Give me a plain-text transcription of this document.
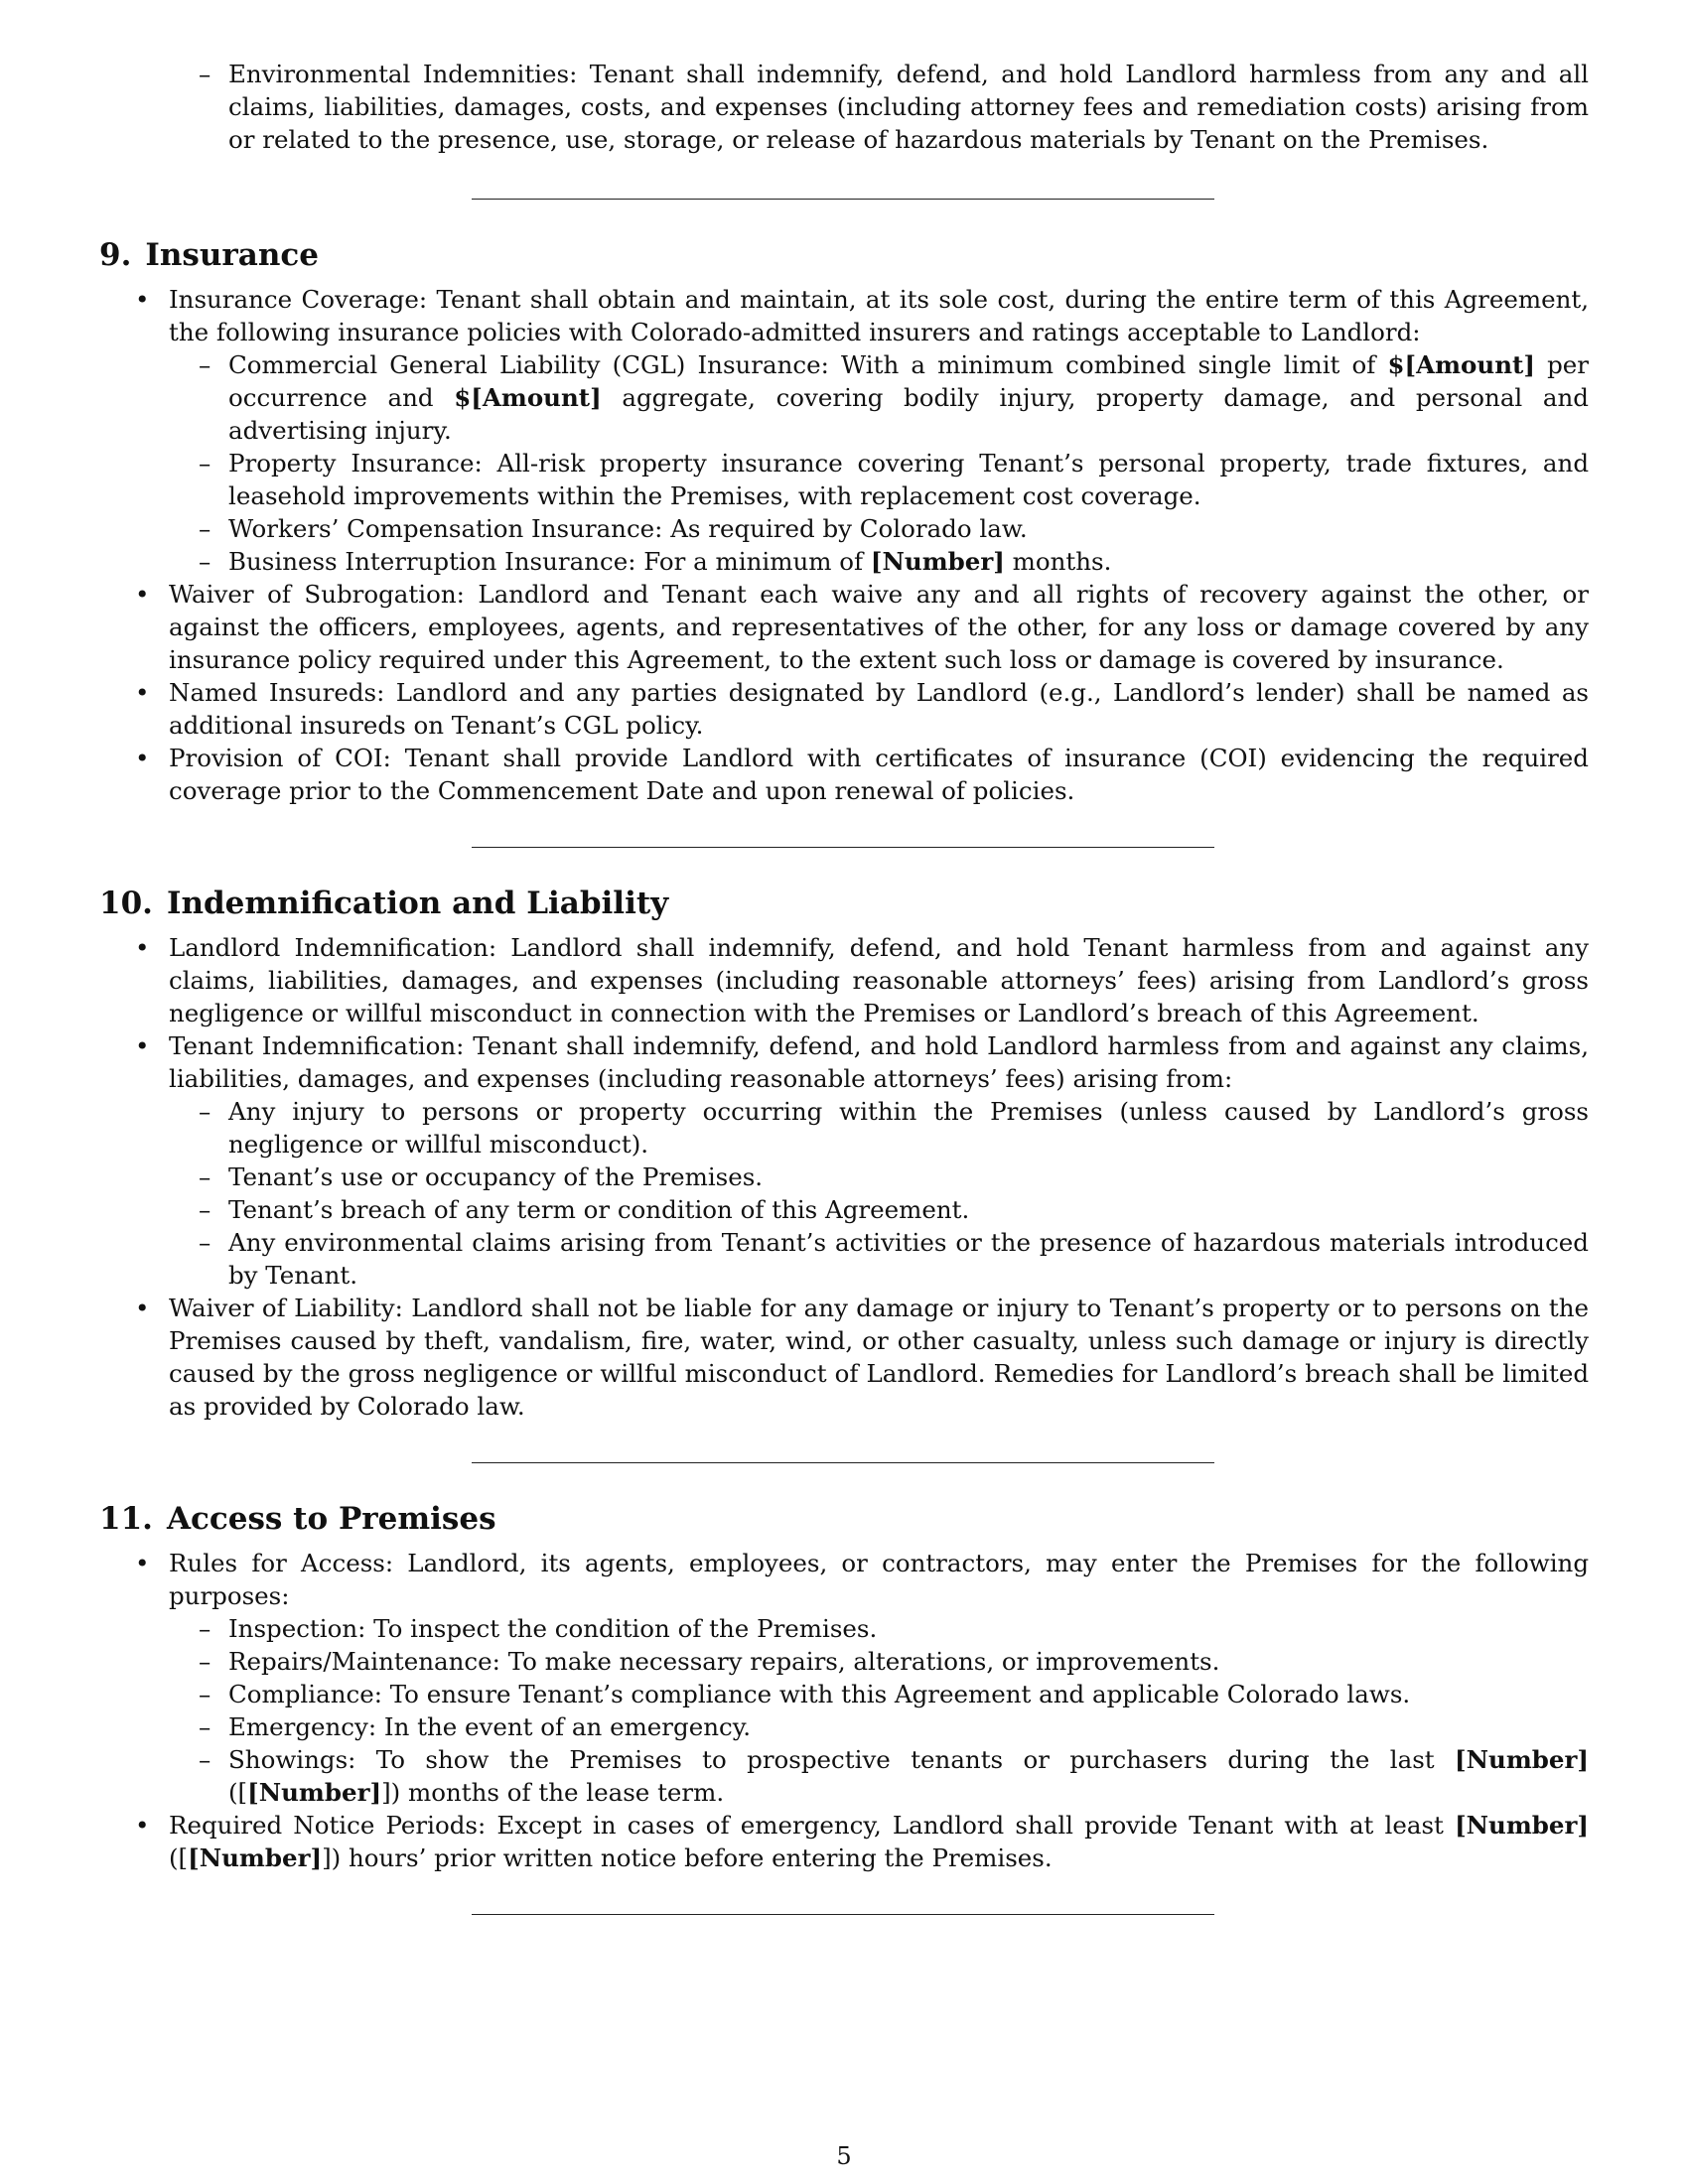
– Environmental Indemnities: Tenant shall indemnify, defend, and hold Landlord harmless from any and all claims, liabilities, damages, costs, and expenses (including attorney fees and remediation costs) arising from or related to the presence, use, storage, or release of hazardous materials by Tenant on the Premises.
9. Insurance
• Insurance Coverage: Tenant shall obtain and maintain, at its sole cost, during the entire term of this Agreement, the following insurance policies with Colorado-admitted insurers and ratings acceptable to Landlord:
– Commercial General Liability (CGL) Insurance: With a minimum combined single limit of $[Amount] per occurrence and $[Amount] aggregate, covering bodily injury, property damage, and personal and advertising injury.
– Property Insurance: All-risk property insurance covering Tenant’s personal property, trade fixtures, and leasehold improvements within the Premises, with replacement cost coverage.
– Workers’ Compensation Insurance: As required by Colorado law.
– Business Interruption Insurance: For a minimum of [Number] months.
• Waiver of Subrogation: Landlord and Tenant each waive any and all rights of recovery against the other, or against the officers, employees, agents, and representatives of the other, for any loss or damage covered by any insurance policy required under this Agreement, to the extent such loss or damage is covered by insurance.
• Named Insureds: Landlord and any parties designated by Landlord (e.g., Landlord’s lender) shall be named as additional insureds on Tenant’s CGL policy.
• Provision of COI: Tenant shall provide Landlord with certificates of insurance (COI) evidencing the required coverage prior to the Commencement Date and upon renewal of policies.
10. Indemnification and Liability
• Landlord Indemnification: Landlord shall indemnify, defend, and hold Tenant harmless from and against any claims, liabilities, damages, and expenses (including reasonable attorneys’ fees) arising from Landlord’s gross negligence or willful misconduct in connection with the Premises or Landlord’s breach of this Agreement.
• Tenant Indemnification: Tenant shall indemnify, defend, and hold Landlord harmless from and against any claims, liabilities, damages, and expenses (including reasonable attorneys’ fees) arising from:
– Any injury to persons or property occurring within the Premises (unless caused by Landlord’s gross negligence or willful misconduct).
– Tenant’s use or occupancy of the Premises.
– Tenant’s breach of any term or condition of this Agreement.
– Any environmental claims arising from Tenant’s activities or the presence of hazardous materials introduced by Tenant.
• Waiver of Liability: Landlord shall not be liable for any damage or injury to Tenant’s property or to persons on the Premises caused by theft, vandalism, fire, water, wind, or other casualty, unless such damage or injury is directly caused by the gross negligence or willful misconduct of Landlord. Remedies for Landlord’s breach shall be limited as provided by Colorado law.
11. Access to Premises
• Rules for Access: Landlord, its agents, employees, or contractors, may enter the Premises for the following purposes:
– Inspection: To inspect the condition of the Premises.
– Repairs/Maintenance: To make necessary repairs, alterations, or improvements.
– Compliance: To ensure Tenant’s compliance with this Agreement and applicable Colorado laws.
– Emergency: In the event of an emergency.
– Showings: To show the Premises to prospective tenants or purchasers during the last [Number] ([[Number]]) months of the lease term.
• Required Notice Periods: Except in cases of emergency, Landlord shall provide Tenant with at least [Number] ([[Number]]) hours’ prior written notice before entering the Premises.
5
